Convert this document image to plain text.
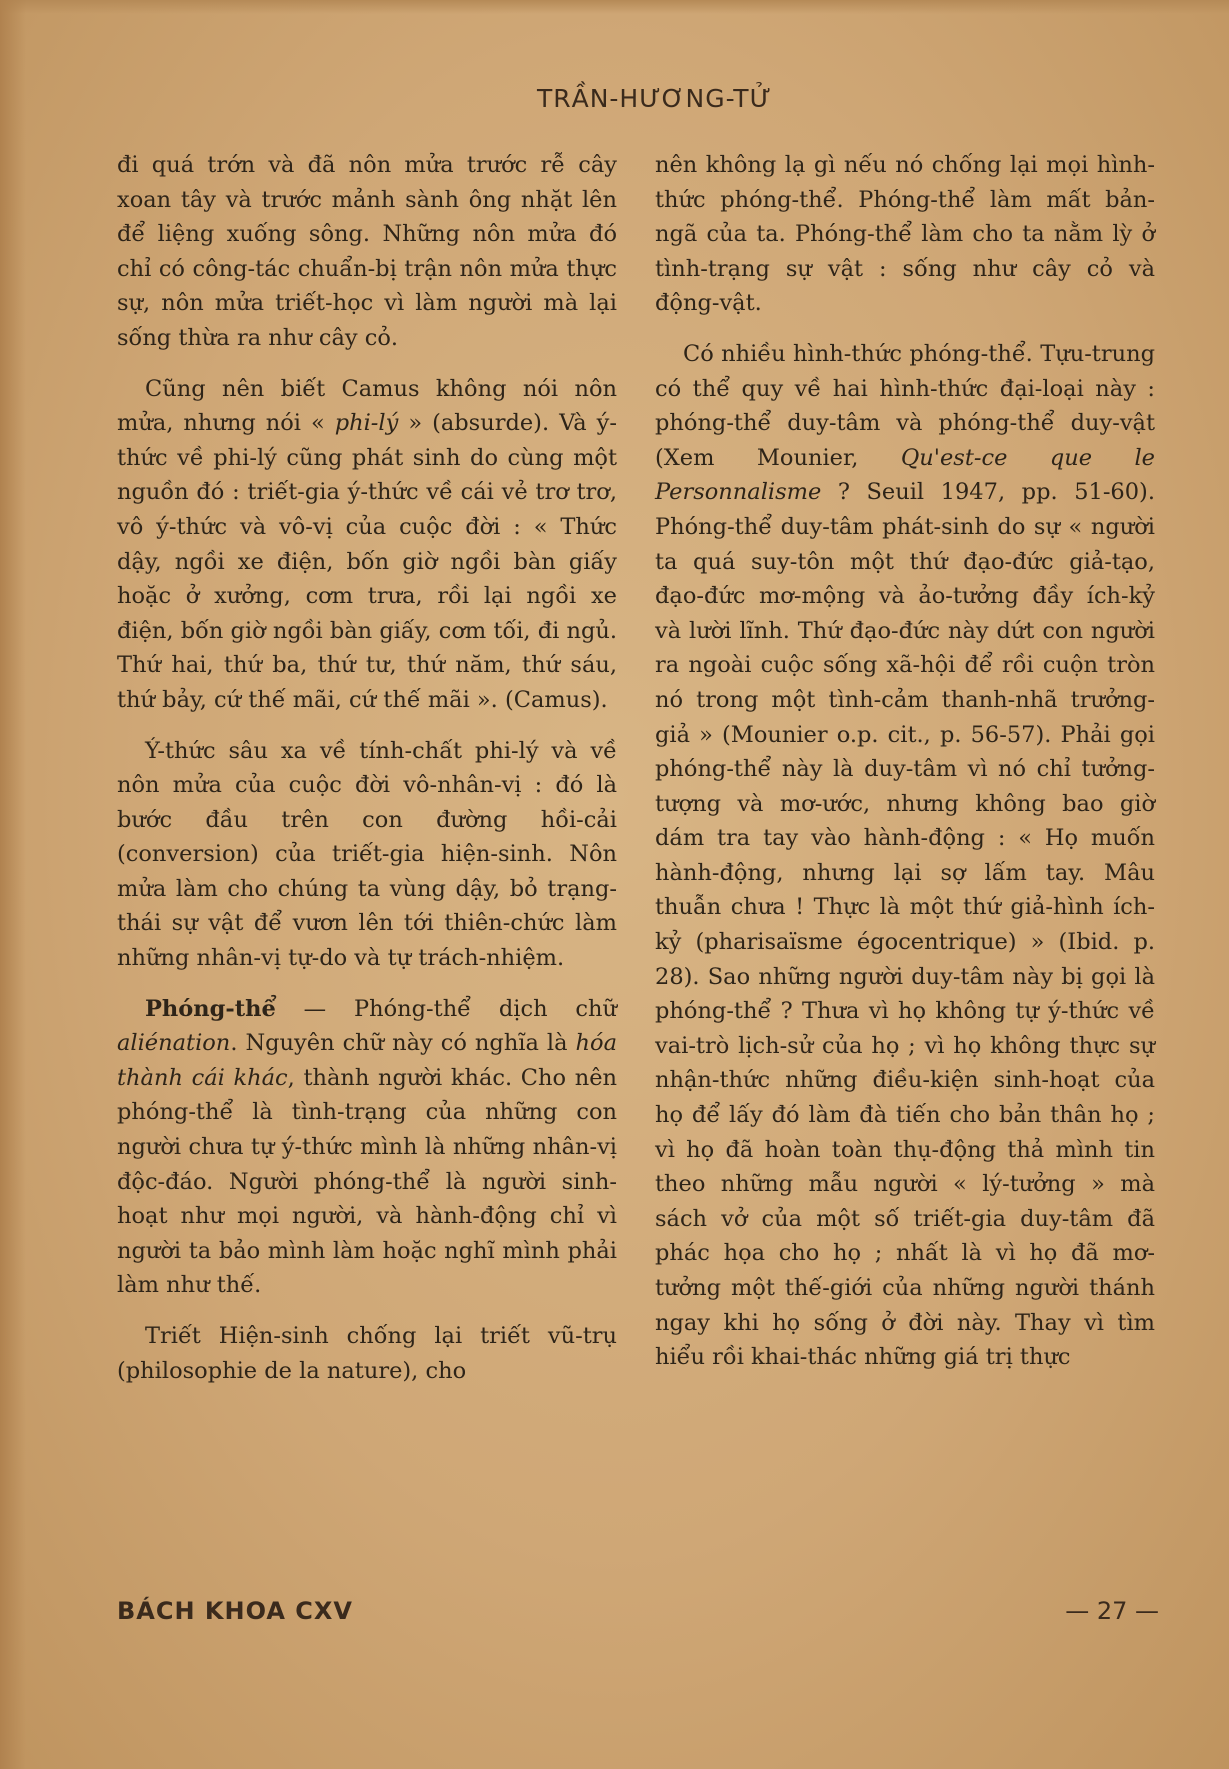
TRẦN-HƯƠNG-TỬ

đi quá trớn và đã nôn mửa trước rễ cây xoan tây và trước mảnh sành ông nhặt lên để liệng xuống sông. Những nôn mửa đó chỉ có công-tác chuẩn-bị trận nôn mửa thực sự, nôn mửa triết-học vì làm người mà lại sống thừa ra như cây cỏ.

Cũng nên biết Camus không nói nôn mửa, nhưng nói « phi-lý » (absurde). Và ý-thức về phi-lý cũng phát sinh do cùng một nguồn đó : triết-gia ý-thức về cái vẻ trơ trơ, vô ý-thức và vô-vị của cuộc đời : « Thức dậy, ngồi xe điện, bốn giờ ngồi bàn giấy hoặc ở xưởng, cơm trưa, rồi lại ngồi xe điện, bốn giờ ngồi bàn giấy, cơm tối, đi ngủ. Thứ hai, thứ ba, thứ tư, thứ năm, thứ sáu, thứ bảy, cứ thế mãi, cứ thế mãi ». (Camus).

Ý-thức sâu xa về tính-chất phi-lý và về nôn mửa của cuộc đời vô-nhân-vị : đó là bước đầu trên con đường hồi-cải (conversion) của triết-gia hiện-sinh. Nôn mửa làm cho chúng ta vùng dậy, bỏ trạng-thái sự vật để vươn lên tới thiên-chức làm những nhân-vị tự-do và tự trách-nhiệm.

Phóng-thể — Phóng-thể dịch chữ aliénation. Nguyên chữ này có nghĩa là hóa thành cái khác, thành người khác. Cho nên phóng-thể là tình-trạng của những con người chưa tự ý-thức mình là những nhân-vị độc-đáo. Người phóng-thể là người sinh-hoạt như mọi người, và hành-động chỉ vì người ta bảo mình làm hoặc nghĩ mình phải làm như thế.

Triết Hiện-sinh chống lại triết vũ-trụ (philosophie de la nature), cho

nên không lạ gì nếu nó chống lại mọi hình-thức phóng-thể. Phóng-thể làm mất bản-ngã của ta. Phóng-thể làm cho ta nằm lỳ ở tình-trạng sự vật : sống như cây cỏ và động-vật.

Có nhiều hình-thức phóng-thể. Tựu-trung có thể quy về hai hình-thức đại-loại này : phóng-thể duy-tâm và phóng-thể duy-vật (Xem Mounier, Qu'est-ce que le Personnalisme ? Seuil 1947, pp. 51-60). Phóng-thể duy-tâm phát-sinh do sự « người ta quá suy-tôn một thứ đạo-đức giả-tạo, đạo-đức mơ-mộng và ảo-tưởng đầy ích-kỷ và lười lĩnh. Thứ đạo-đức này dứt con người ra ngoài cuộc sống xã-hội để rồi cuộn tròn nó trong một tình-cảm thanh-nhã trưởng-giả » (Mounier o.p. cit., p. 56-57). Phải gọi phóng-thể này là duy-tâm vì nó chỉ tưởng-tượng và mơ-ước, nhưng không bao giờ dám tra tay vào hành-động : « Họ muốn hành-động, nhưng lại sợ lấm tay. Mâu thuẫn chưa ! Thực là một thứ giả-hình ích-kỷ (pharisaïsme égocentrique) » (Ibid. p. 28). Sao những người duy-tâm này bị gọi là phóng-thể ? Thưa vì họ không tự ý-thức về vai-trò lịch-sử của họ ; vì họ không thực sự nhận-thức những điều-kiện sinh-hoạt của họ để lấy đó làm đà tiến cho bản thân họ ; vì họ đã hoàn toàn thụ-động thả mình tin theo những mẫu người « lý-tưởng » mà sách vở của một số triết-gia duy-tâm đã phác họa cho họ ; nhất là vì họ đã mơ-tưởng một thế-giới của những người thánh ngay khi họ sống ở đời này. Thay vì tìm hiểu rồi khai-thác những giá trị thực

BÁCH KHOA CXV	— 27 —
